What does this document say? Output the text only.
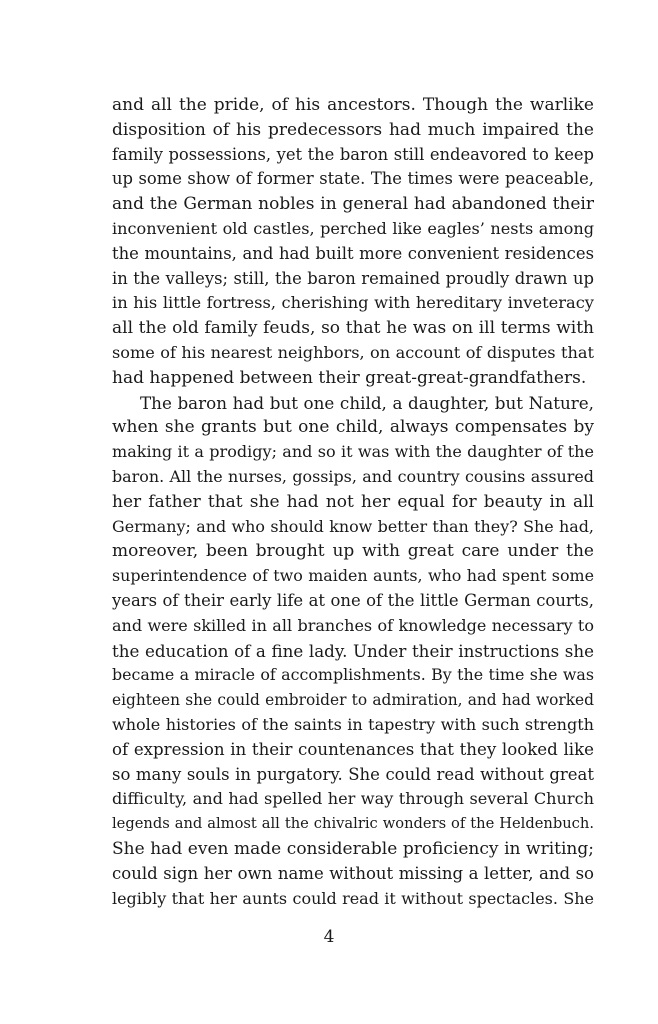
and all the pride, of his ancestors. Though the warlike
disposition of his predecessors had much impaired the
family possessions, yet the baron still endeavored to keep
up some show of former state. The times were peaceable,
and the German nobles in general had abandoned their
inconvenient old castles, perched like eagles’ nests among
the mountains, and had built more convenient residences
in the valleys; still, the baron remained proudly drawn up
in his little fortress, cherishing with hereditary inveteracy
all the old family feuds, so that he was on ill terms with
some of his nearest neighbors, on account of disputes that
had happened between their great-great-grandfathers.
The baron had but one child, a daughter, but Nature,
when she grants but one child, always compensates by
making it a prodigy; and so it was with the daughter of the
baron. All the nurses, gossips, and country cousins assured
her father that she had not her equal for beauty in all
Germany; and who should know better than they? She had,
moreover, been brought up with great care under the
superintendence of two maiden aunts, who had spent some
years of their early life at one of the little German courts,
and were skilled in all branches of knowledge necessary to
the education of a fine lady. Under their instructions she
became a miracle of accomplishments. By the time she was
eighteen she could embroider to admiration, and had worked
whole histories of the saints in tapestry with such strength
of expression in their countenances that they looked like
so many souls in purgatory. She could read without great
difficulty, and had spelled her way through several Church
legends and almost all the chivalric wonders of the Heldenbuch.
She had even made considerable proficiency in writing;
could sign her own name without missing a letter, and so
legibly that her aunts could read it without spectacles. She
4
